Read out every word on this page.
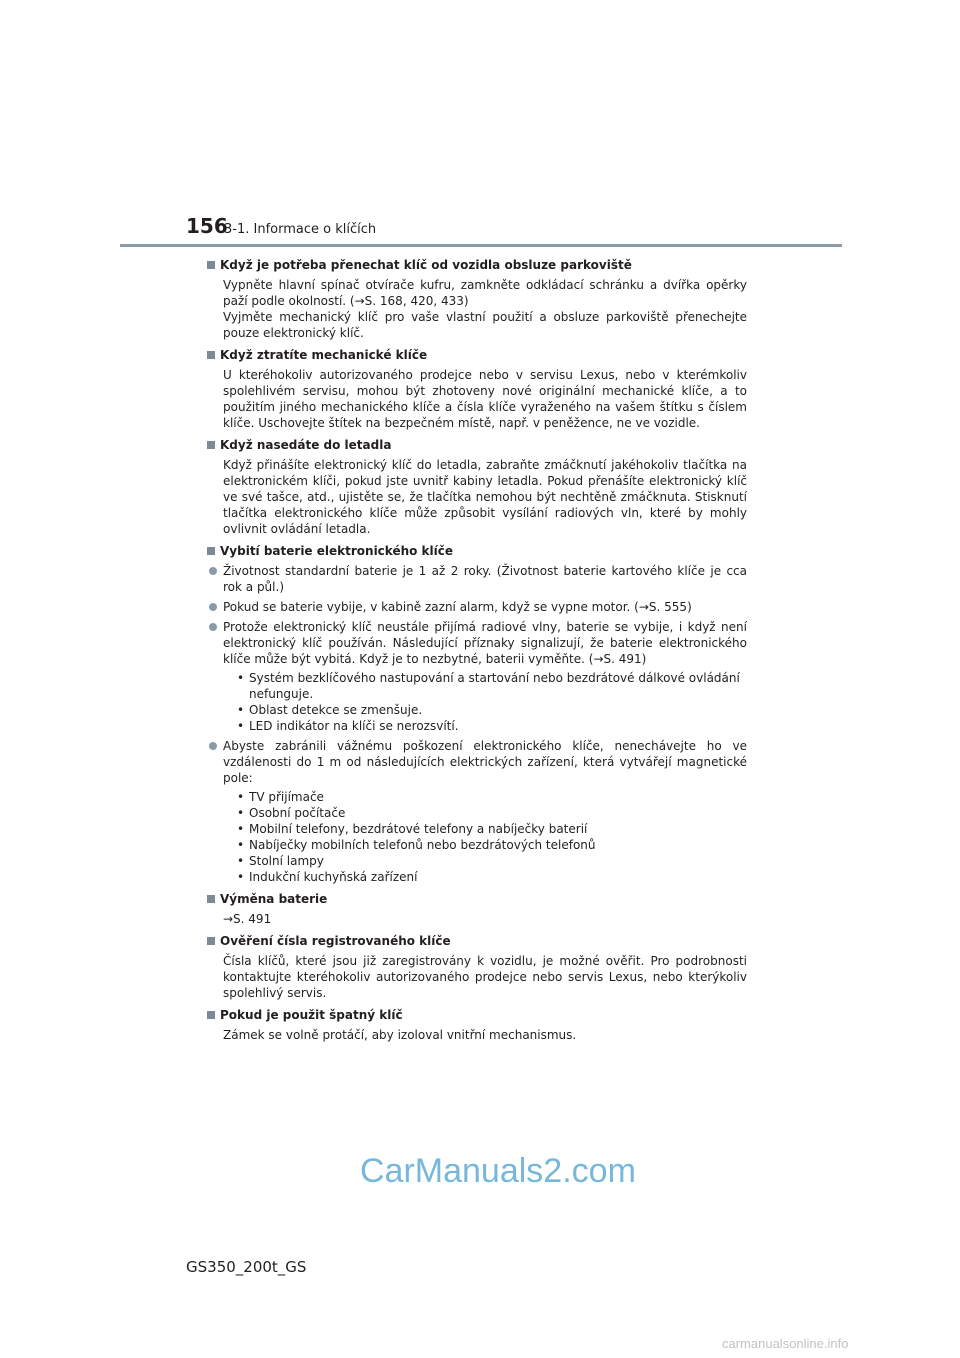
156
3-1. Informace o klíčích
Když je potřeba přenechat klíč od vozidla obsluze parkoviště
Vypněte hlavní spínač otvírače kufru, zamkněte odkládací schránku a dvířka opěrky paží podle okolností. (→S. 168, 420, 433)
Vyjměte mechanický klíč pro vaše vlastní použití a obsluze parkoviště přenechejte pouze elektronický klíč.
Když ztratíte mechanické klíče
U kteréhokoliv autorizovaného prodejce nebo v servisu Lexus, nebo v kterémkoliv spolehlivém servisu, mohou být zhotoveny nové originální mechanické klíče, a to použitím jiného mechanického klíče a čísla klíče vyraženého na vašem štítku s číslem klíče. Uschovejte štítek na bezpečném místě, např. v peněžence, ne ve vozidle.
Když nasedáte do letadla
Když přinášíte elektronický klíč do letadla, zabraňte zmáčknutí jakéhokoliv tlačítka na elektronickém klíči, pokud jste uvnitř kabiny letadla. Pokud přenášíte elektronický klíč ve své tašce, atd., ujistěte se, že tlačítka nemohou být nechtěně zmáčknuta. Stisknutí tlačítka elektronického klíče může způsobit vysílání radiových vln, které by mohly ovlivnit ovládání letadla.
Vybití baterie elektronického klíče
Životnost standardní baterie je 1 až 2 roky. (Životnost baterie kartového klíče je cca rok a půl.)
Pokud se baterie vybije, v kabině zazní alarm, když se vypne motor. (→S. 555)
Protože elektronický klíč neustále přijímá radiové vlny, baterie se vybije, i když není elektronický klíč používán. Následující příznaky signalizují, že baterie elektronického klíče může být vybitá. Když je to nezbytné, baterii vyměňte. (→S. 491)
• Systém bezklíčového nastupování a startování nebo bezdrátové dálkové ovládání nefunguje.
• Oblast detekce se zmenšuje.
• LED indikátor na klíči se nerozsvítí.
Abyste zabránili vážnému poškození elektronického klíče, nenechávejte ho ve vzdálenosti do 1 m od následujících elektrických zařízení, která vytvářejí magnetické pole:
• TV přijímače
• Osobní počítače
• Mobilní telefony, bezdrátové telefony a nabíječky baterií
• Nabíječky mobilních telefonů nebo bezdrátových telefonů
• Stolní lampy
• Indukční kuchyňská zařízení
Výměna baterie
→S. 491
Ověření čísla registrovaného klíče
Čísla klíčů, které jsou již zaregistrovány k vozidlu, je možné ověřit. Pro podrobnosti kontaktujte kteréhokoliv autorizovaného prodejce nebo servis Lexus, nebo kterýkoliv spolehlivý servis.
Pokud je použit špatný klíč
Zámek se volně protáčí, aby izoloval vnitřní mechanismus.
CarManuals2.com
GS350_200t_GS
carmanualsonline.info
